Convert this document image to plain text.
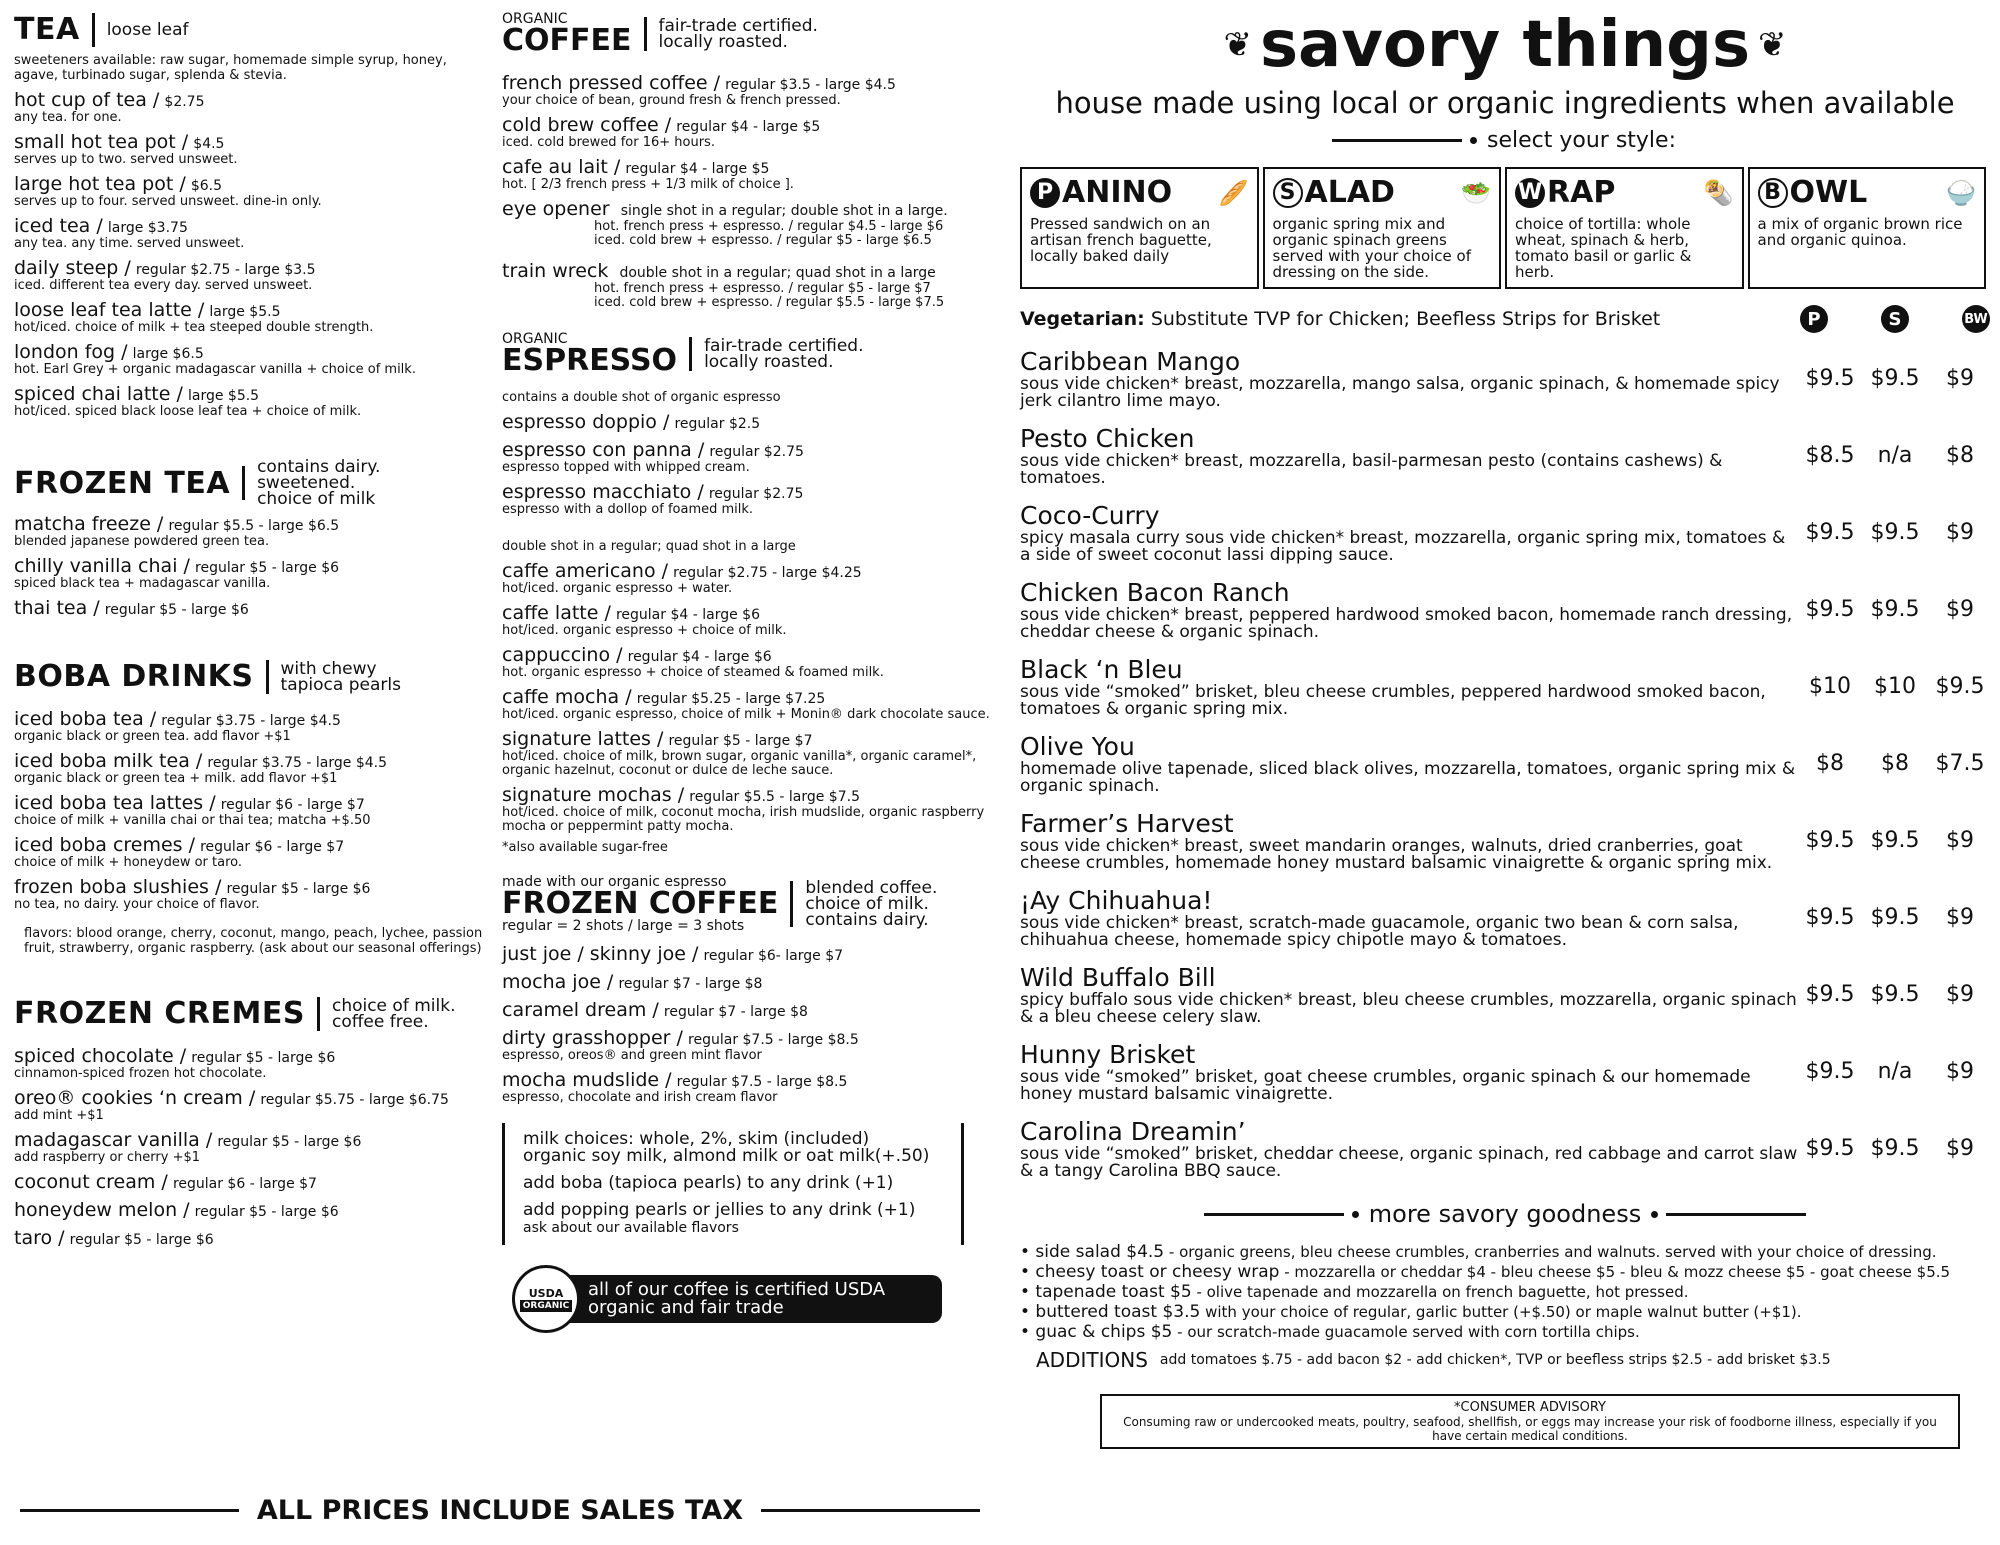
TEA loose leaf
sweeteners available: raw sugar, homemade simple syrup, honey, agave, turbinado sugar, splenda & stevia.
hot cup of tea / $2.75
any tea. for one.
small hot tea pot / $4.5
serves up to two. served unsweet.
large hot tea pot / $6.5
serves up to four. served unsweet. dine-in only.
iced tea / large $3.75
any tea. any time. served unsweet.
daily steep / regular $2.75 - large $3.5
iced. different tea every day. served unsweet.
loose leaf tea latte / large $5.5
hot/iced. choice of milk + tea steeped double strength.
london fog / large $6.5
hot. Earl Grey + organic madagascar vanilla + choice of milk.
spiced chai latte / large $5.5
hot/iced. spiced black loose leaf tea + choice of milk.
FROZEN TEA contains dairy. sweetened. choice of milk
matcha freeze / regular $5.5 - large $6.5
blended japanese powdered green tea.
chilly vanilla chai / regular $5 - large $6
spiced black tea + madagascar vanilla.
thai tea / regular $5 - large $6
BOBA DRINKS with chewy tapioca pearls
iced boba tea / regular $3.75 - large $4.5
organic black or green tea. add flavor +$1
iced boba milk tea / regular $3.75 - large $4.5
organic black or green tea + milk. add flavor +$1
iced boba tea lattes / regular $6 - large $7
choice of milk + vanilla chai or thai tea; matcha +$.50
iced boba cremes / regular $6 - large $7
choice of milk + honeydew or taro.
frozen boba slushies / regular $5 - large $6
no tea, no dairy. your choice of flavor.
flavors: blood orange, cherry, coconut, mango, peach, lychee, passion fruit, strawberry, organic raspberry. (ask about our seasonal offerings)
FROZEN CREMES choice of milk. coffee free.
spiced chocolate / regular $5 - large $6
cinnamon-spiced frozen hot chocolate.
oreo® cookies ‘n cream / regular $5.75 - large $6.75
add mint +$1
madagascar vanilla / regular $5 - large $6
add raspberry or cherry +$1
coconut cream / regular $6 - large $7
honeydew melon / regular $5 - large $6
taro / regular $5 - large $6
ORGANIC
COFFEE fair-trade certified. locally roasted.
french pressed coffee / regular $3.5 - large $4.5
your choice of bean, ground fresh & french pressed.
cold brew coffee / regular $4 - large $5
iced. cold brewed for 16+ hours.
cafe au lait / regular $4 - large $5
hot. [ 2/3 french press + 1/3 milk of choice ].
eye opener single shot in a regular; double shot in a large.
hot. french press + espresso. / regular $4.5 - large $6
iced. cold brew + espresso. / regular $5 - large $6.5
train wreck double shot in a regular; quad shot in a large
hot. french press + espresso. / regular $5 - large $7
iced. cold brew + espresso. / regular $5.5 - large $7.5
ORGANIC
ESPRESSO fair-trade certified. locally roasted.
contains a double shot of organic espresso
espresso doppio / regular $2.5
espresso con panna / regular $2.75
espresso topped with whipped cream.
espresso macchiato / regular $2.75
espresso with a dollop of foamed milk.
double shot in a regular; quad shot in a large
caffe americano / regular $2.75 - large $4.25
hot/iced. organic espresso + water.
caffe latte / regular $4 - large $6
hot/iced. organic espresso + choice of milk.
cappuccino / regular $4 - large $6
hot. organic espresso + choice of steamed & foamed milk.
caffe mocha / regular $5.25 - large $7.25
hot/iced. organic espresso, choice of milk + Monin® dark chocolate sauce.
signature lattes / regular $5 - large $7
hot/iced. choice of milk, brown sugar, organic vanilla*, organic caramel*, organic hazelnut, coconut or dulce de leche sauce.
signature mochas / regular $5.5 - large $7.5
hot/iced. choice of milk, coconut mocha, irish mudslide, organic raspberry mocha or peppermint patty mocha.
*also available sugar-free
made with our organic espresso
FROZEN COFFEE
regular = 2 shots / large = 3 shots
blended coffee. choice of milk. contains dairy.
just joe / skinny joe / regular $6- large $7
mocha joe / regular $7 - large $8
caramel dream / regular $7 - large $8
dirty grasshopper / regular $7.5 - large $8.5
espresso, oreos® and green mint flavor
mocha mudslide / regular $7.5 - large $8.5
espresso, chocolate and irish cream flavor

milk choices: whole, 2%, skim (included)
organic soy milk, almond milk or oat milk(+.50)

add boba (tapioca pearls) to any drink (+1)

add popping pearls or jellies to any drink (+1)
ask about our available flavors

USDA
ORGANIC
all of our coffee is certified USDA organic and fair trade
ALL PRICES INCLUDE SALES TAX
❦ savory things ❦
house made using local or organic ingredients when available
select your style:
P ANINO 🥖
Pressed sandwich on an artisan french baguette, locally baked daily
S ALAD	🥗
organic spring mix and organic spinach greens served with your choice of dressing on the side.
W RAP	🌯
choice of tortilla: whole wheat, spinach & herb, tomato basil or garlic & herb.
B OWL	🍚
a mix of organic brown rice and organic quinoa.
Vegetarian: Substitute TVP for Chicken; Beefless Strips for Brisket	P	S	BW
Caribbean Mango
sous vide chicken* breast, mozzarella, mango salsa, organic spinach, & homemade spicy jerk cilantro lime mayo.
$9.5 $9.5	$9
Pesto Chicken
sous vide chicken* breast, mozzarella, basil-parmesan pesto (contains cashews) & tomatoes.
$8.5	n/a	$8
Coco-Curry
spicy masala curry sous vide chicken* breast, mozzarella, organic spring mix, tomatoes & a side of sweet coconut lassi dipping sauce.
$9.5 $9.5	$9
Chicken Bacon Ranch
sous vide chicken* breast, peppered hardwood smoked bacon, homemade ranch dressing, cheddar cheese & organic spinach.
$9.5 $9.5	$9
Black ‘n Bleu
sous vide “smoked” brisket, bleu cheese crumbles, peppered hardwood smoked bacon, tomatoes & organic spring mix.
$10	$10 $9.5
Olive You
homemade olive tapenade, sliced black olives, mozzarella, tomatoes, organic spring mix & organic spinach.
$8	$8	$7.5
Farmer’s Harvest
sous vide chicken* breast, sweet mandarin oranges, walnuts, dried cranberries, goat cheese crumbles, homemade honey mustard balsamic vinaigrette & organic spring mix.
$9.5 $9.5	$9
¡Ay Chihuahua!
sous vide chicken* breast, scratch-made guacamole, organic two bean & corn salsa, chihuahua cheese, homemade spicy chipotle mayo & tomatoes.
$9.5 $9.5	$9
Wild Buffalo Bill
spicy buffalo sous vide chicken* breast, bleu cheese crumbles, mozzarella, organic spinach & a bleu cheese celery slaw.
$9.5 $9.5	$9
Hunny Brisket
sous vide “smoked” brisket, goat cheese crumbles, organic spinach & our homemade honey mustard balsamic vinaigrette.
$9.5	n/a	$9
Carolina Dreamin’
sous vide “smoked” brisket, cheddar cheese, organic spinach, red cabbage and carrot slaw & a tangy Carolina BBQ sauce.
$9.5 $9.5	$9
more savory goodness
• side salad $4.5 - organic greens, bleu cheese crumbles, cranberries and walnuts. served with your choice of dressing.
• cheesy toast or cheesy wrap - mozzarella or cheddar $4 - bleu cheese $5 - bleu & mozz cheese $5 - goat cheese $5.5
• tapenade toast $5 - olive tapenade and mozzarella on french baguette, hot pressed.
• buttered toast $3.5 with your choice of regular, garlic butter (+$.50) or maple walnut butter (+$1).
• guac & chips $5 - our scratch-made guacamole served with corn tortilla chips.
ADDITIONS add tomatoes $.75 - add bacon $2 - add chicken*, TVP or beefless strips $2.5 - add brisket $3.5
*CONSUMER ADVISORY
Consuming raw or undercooked meats, poultry, seafood, shellfish, or eggs may increase your risk of foodborne illness, especially if you have certain medical conditions.
